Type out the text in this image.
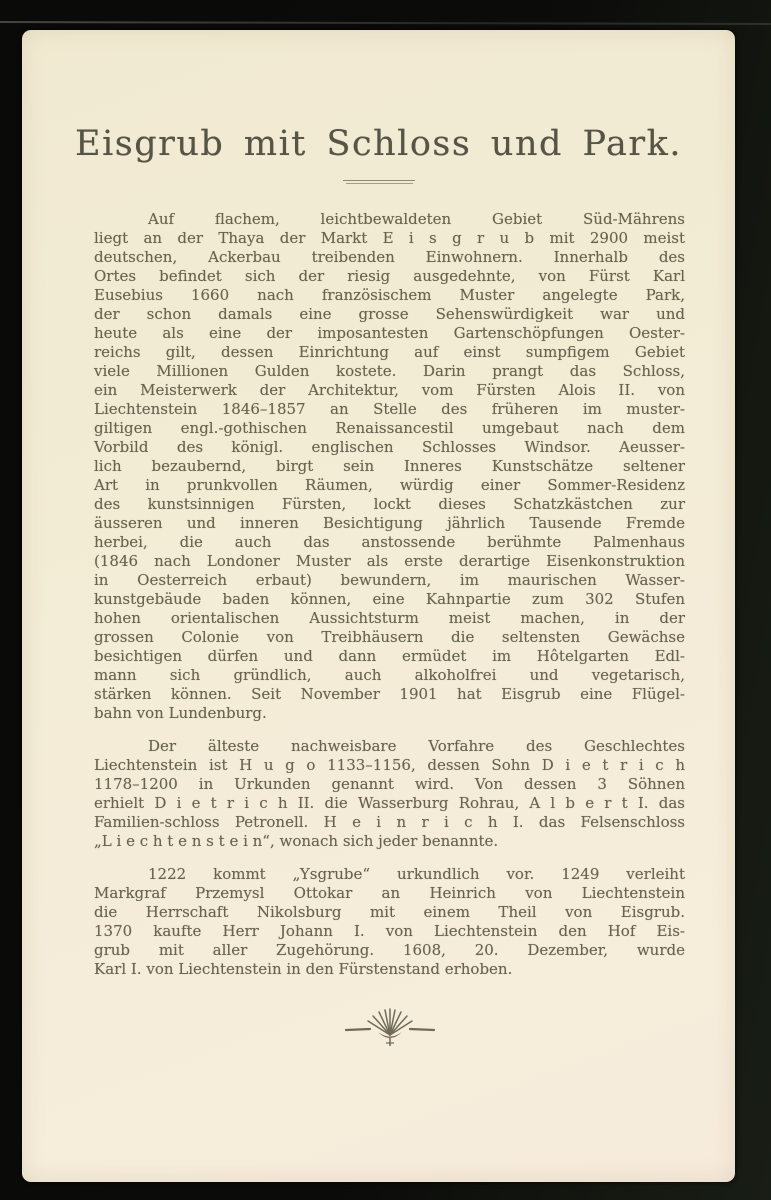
Eisgrub mit Schloss und Park.
Auf flachem, leichtbewaldeten Gebiet Süd-Mährens
liegt an der Thaya der Markt E i s g r u b mit 2900 meist
deutschen, Ackerbau treibenden Einwohnern. Innerhalb des
Ortes befindet sich der riesig ausgedehnte, von Fürst Karl
Eusebius 1660 nach französischem Muster angelegte Park,
der schon damals eine grosse Sehenswürdigkeit war und
heute als eine der imposantesten Gartenschöpfungen Oester-
reichs gilt, dessen Einrichtung auf einst sumpfigem Gebiet
viele Millionen Gulden kostete. Darin prangt das Schloss,
ein Meisterwerk der Architektur, vom Fürsten Alois II. von
Liechtenstein 1846–1857 an Stelle des früheren im muster-
giltigen engl.-gothischen Renaissancestil umgebaut nach dem
Vorbild des königl. englischen Schlosses Windsor. Aeusser-
lich bezaubernd, birgt sein Inneres Kunstschätze seltener
Art in prunkvollen Räumen, würdig einer Sommer-Residenz
des kunstsinnigen Fürsten, lockt dieses Schatzkästchen zur
äusseren und inneren Besichtigung jährlich Tausende Fremde
herbei, die auch das anstossende berühmte Palmenhaus
(1846 nach Londoner Muster als erste derartige Eisenkonstruktion
in Oesterreich erbaut) bewundern, im maurischen Wasser-
kunstgebäude baden können, eine Kahnpartie zum 302 Stufen
hohen orientalischen Aussichtsturm meist machen, in der
grossen Colonie von Treibhäusern die seltensten Gewächse
besichtigen dürfen und dann ermüdet im Hôtelgarten Edl-
mann sich gründlich, auch alkoholfrei und vegetarisch,
stärken können. Seit November 1901 hat Eisgrub eine Flügel-
bahn von Lundenburg.
Der älteste nachweisbare Vorfahre des Geschlechtes
Liechtenstein ist H u g o 1133–1156, dessen Sohn D i e t r i c h
1178–1200 in Urkunden genannt wird. Von dessen 3 Söhnen
erhielt D i e t r i c h II. die Wasserburg Rohrau, A l b e r t I. das
Familien-schloss Petronell. H e i n r i c h I. das Felsenschloss
„L i e c h t e n s t e i n“, wonach sich jeder benannte.
1222 kommt „Ysgrube“ urkundlich vor. 1249 verleiht
Markgraf Przemysl Ottokar an Heinrich von Liechtenstein
die Herrschaft Nikolsburg mit einem Theil von Eisgrub.
1370 kaufte Herr Johann I. von Liechtenstein den Hof Eis-
grub mit aller Zugehörung. 1608, 20. Dezember, wurde
Karl I. von Liechtenstein in den Fürstenstand erhoben.
